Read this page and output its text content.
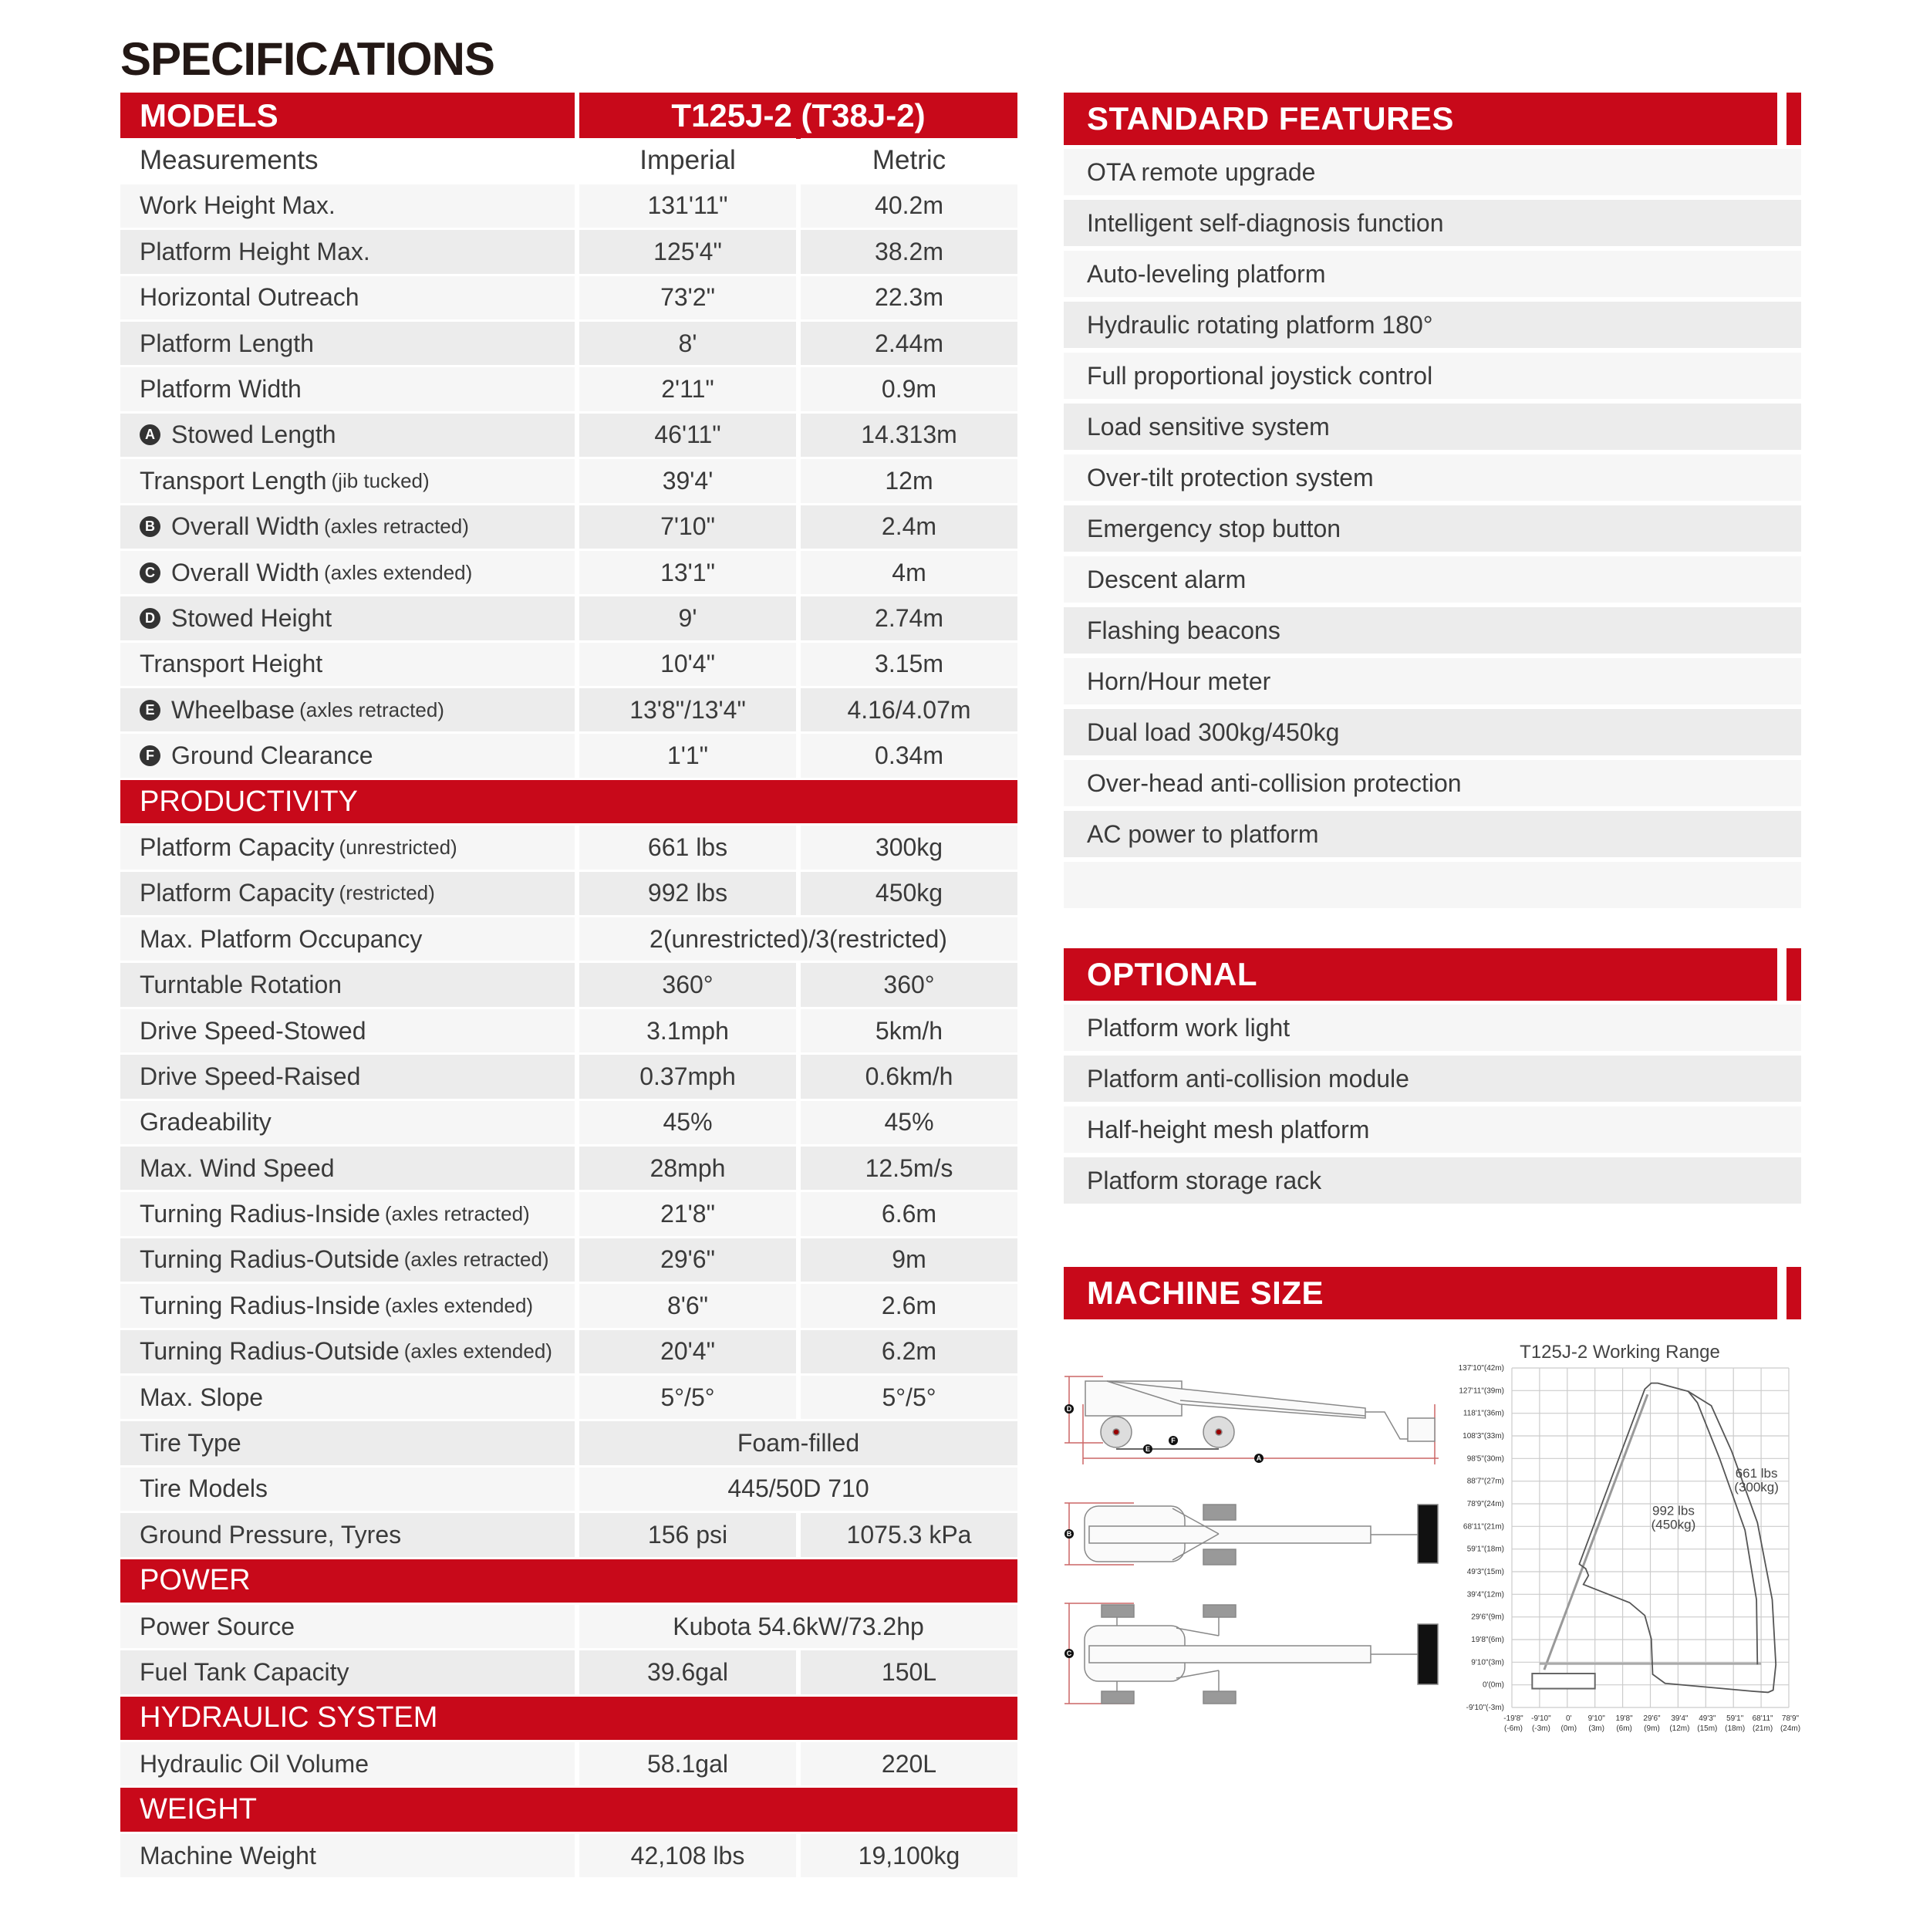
SPECIFICATIONS
MODELS	T125J-2 (T38J-2)
Measurements	Imperial	Metric
Work Height Max.	131'11"	40.2m
Platform Height Max.	125'4"	38.2m
Horizontal Outreach	73'2"	22.3m
Platform Length	8'	2.44m
Platform Width	2'11"	0.9m
A Stowed Length	46'11"	14.313m
Transport Length (jib tucked)	39'4'	12m
B Overall Width (axles retracted)	7'10"	2.4m
C Overall Width (axles extended)	13'1"	4m
D Stowed Height	9'	2.74m
Transport Height	10'4"	3.15m
E Wheelbase (axles retracted)	13'8"/13'4"	4.16/4.07m
F Ground Clearance	1'1"	0.34m
PRODUCTIVITY
Platform Capacity (unrestricted)	661 lbs	300kg
Platform Capacity (restricted)	992 lbs	450kg
Max. Platform Occupancy	2(unrestricted)/3(restricted)
Turntable Rotation	360°	360°
Drive Speed-Stowed	3.1mph	5km/h
Drive Speed-Raised	0.37mph	0.6km/h
Gradeability	45%	45%
Max. Wind Speed	28mph	12.5m/s
Turning Radius-Inside (axles retracted)	21'8"	6.6m
Turning Radius-Outside (axles retracted)	29'6"	9m
Turning Radius-Inside (axles extended)	8'6"	2.6m
Turning Radius-Outside (axles extended)	20'4"	6.2m
Max. Slope	5°/5°	5°/5°
Tire Type	Foam-filled
Tire Models	445/50D 710
Ground Pressure, Tyres	156 psi	1075.3 kPa
POWER
Power Source	Kubota 54.6kW/73.2hp
Fuel Tank Capacity	39.6gal	150L
HYDRAULIC SYSTEM
Hydraulic Oil Volume	58.1gal	220L
WEIGHT
Machine Weight	42,108 lbs	19,100kg
STANDARD FEATURES
OTA remote upgrade
Intelligent self-diagnosis function
Auto-leveling platform
Hydraulic rotating platform 180°
Full proportional joystick control
Load sensitive system
Over-tilt protection system
Emergency stop button
Descent alarm
Flashing beacons
Horn/Hour meter
Dual load 300kg/450kg
Over-head anti-collision protection
AC power to platform
OPTIONAL
Platform work light
Platform anti-collision module
Half-height mesh platform
Platform storage rack
MACHINE SIZE
D
E
F
A
B
C
T125J-2 Working Range
137'10"(42m)
127'11"(39m)
118'1"(36m)
108'3"(33m)
98'5"(30m)
88'7"(27m)
78'9"(24m)
68'11"(21m)
59'1"(18m)
49'3"(15m)
39'4"(12m)
29'6"(9m)
19'8"(6m)
9'10"(3m)
0'(0m)
-9'10"(-3m)
-19'8"
(-6m)
-9'10"
(-3m)
0'
(0m)
9'10"
(3m)
19'8"
(6m)
29'6"
(9m)
39'4"
(12m)
49'3"
(15m)
59'1"
(18m)
68'11"
(21m)
78'9"
(24m)
661 lbs
(300kg)
992 lbs
(450kg)
